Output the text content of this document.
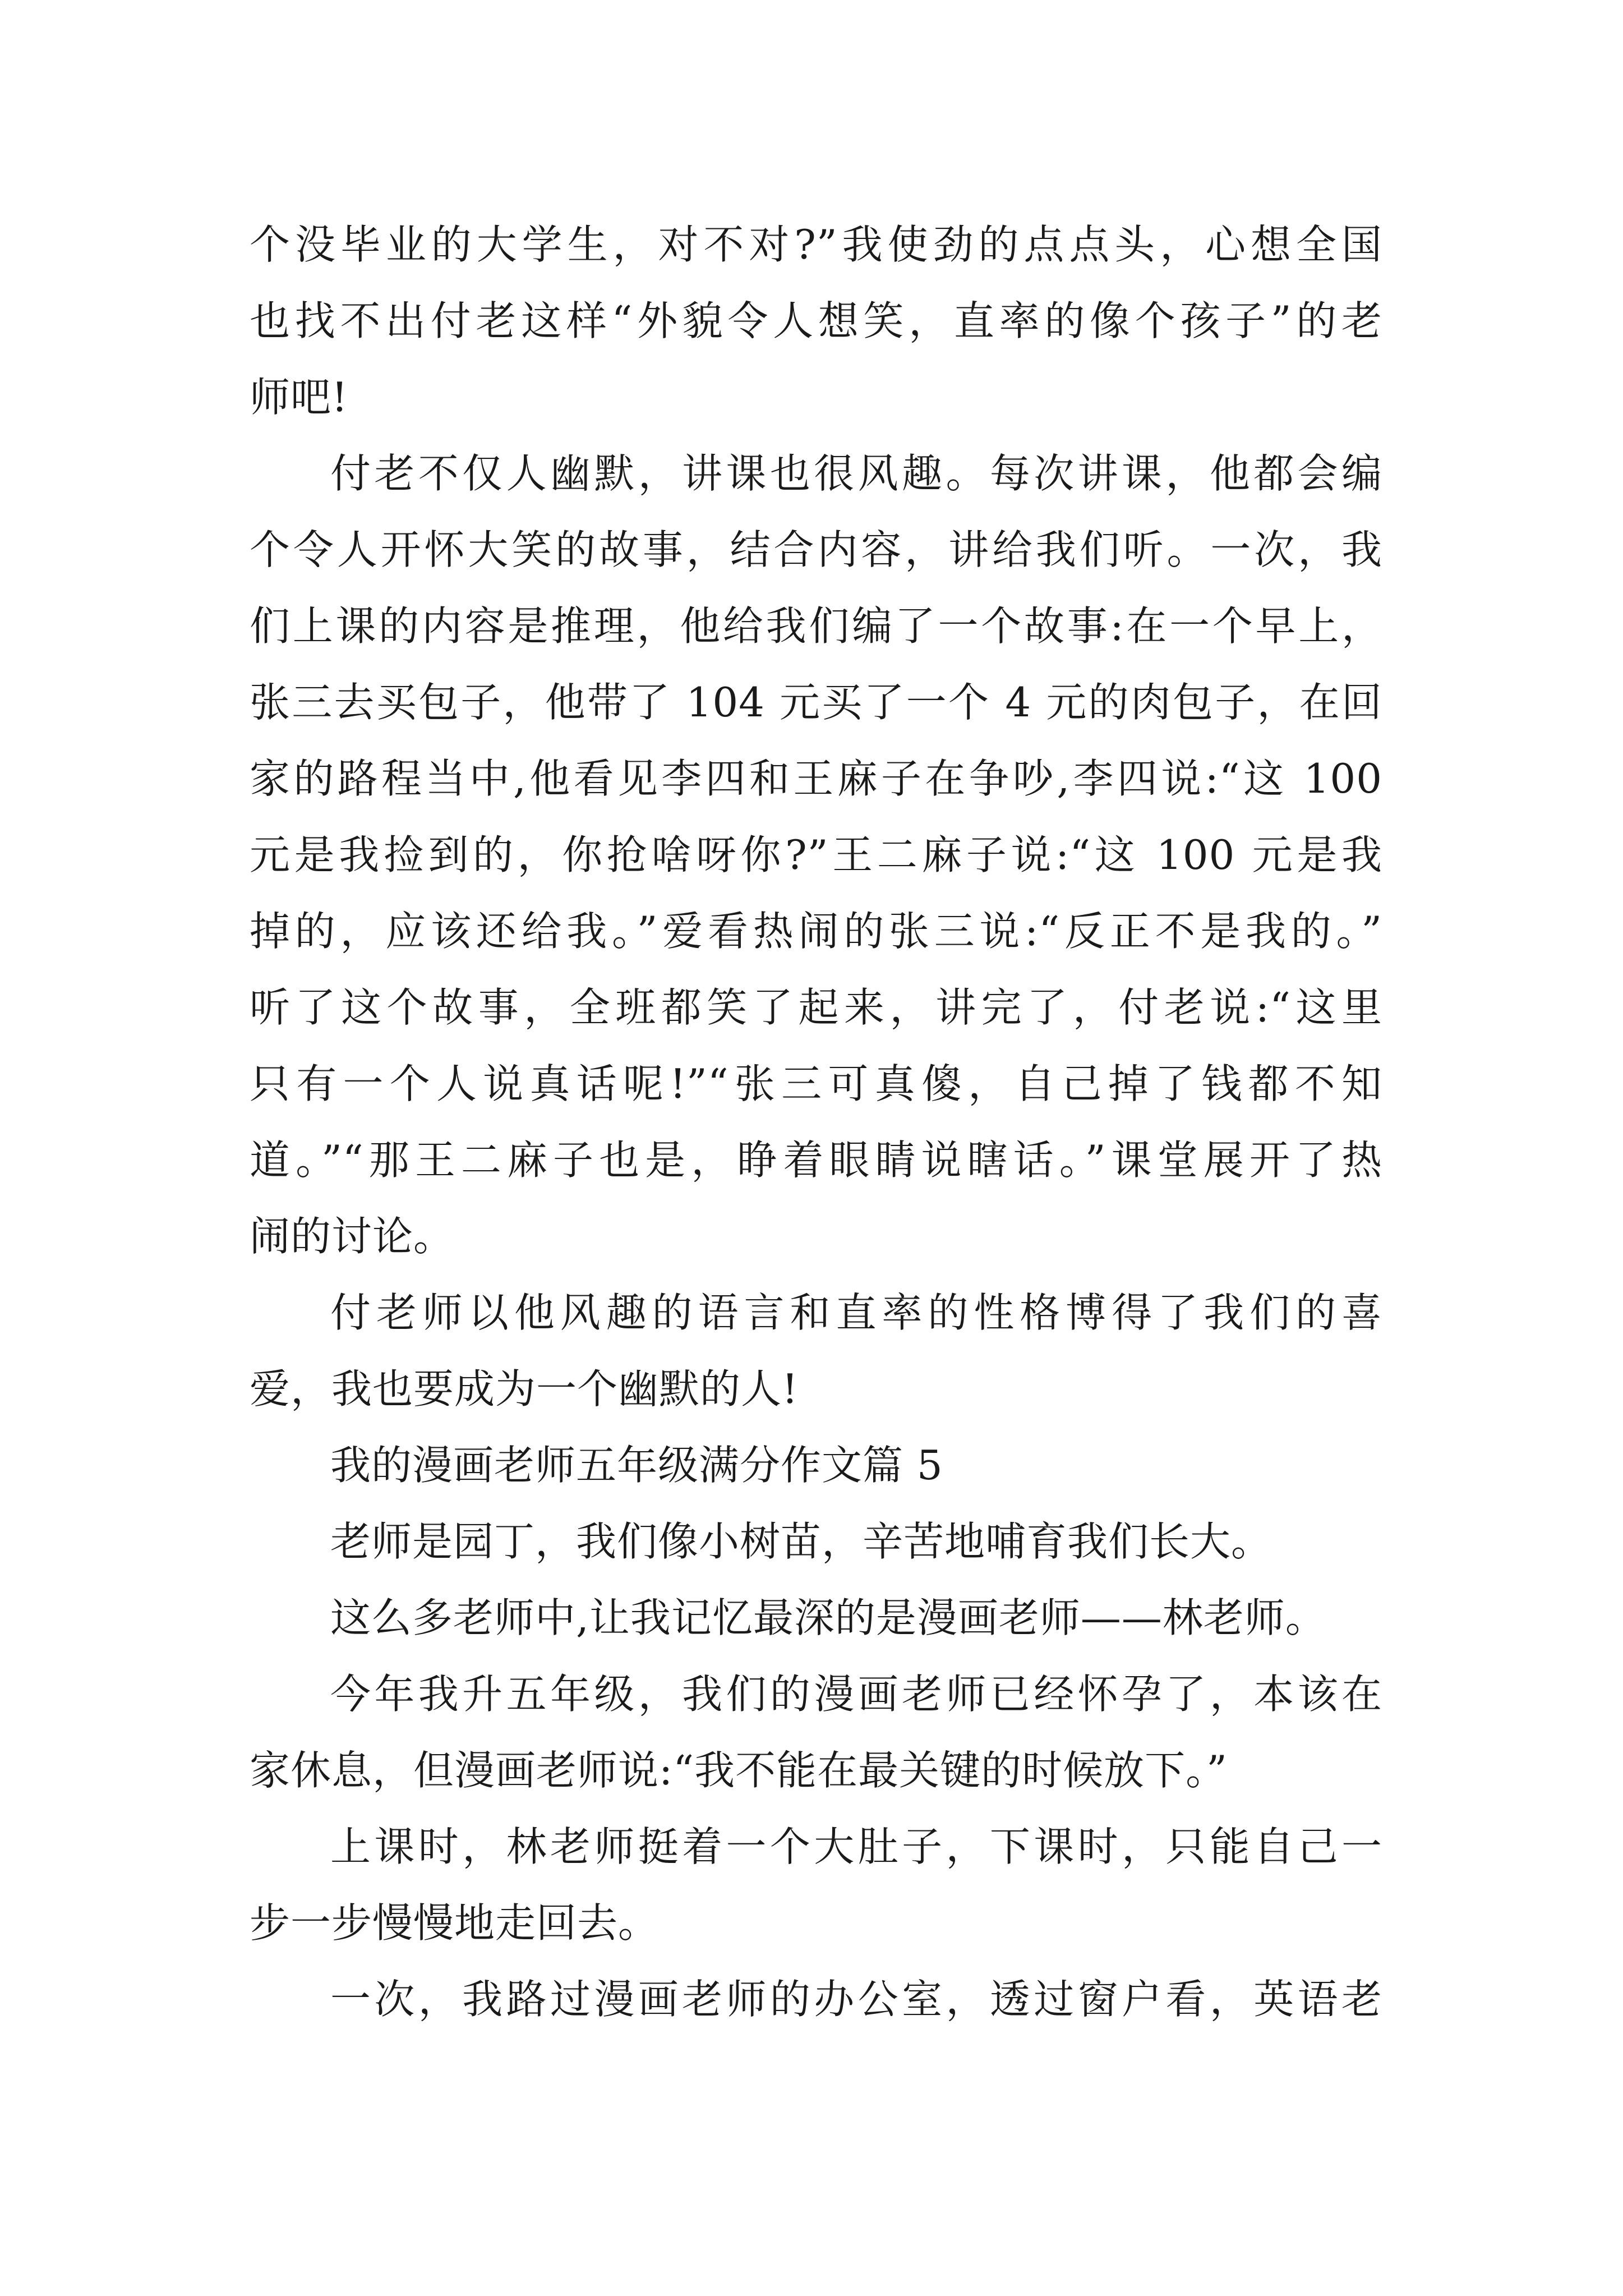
个没毕业的大学生，对不对?”我使劲的点点头，心想全国
也找不出付老这样“外貌令人想笑，直率的像个孩子”的老
师吧!
付老不仅人幽默，讲课也很风趣。每次讲课，他都会编
个令人开怀大笑的故事，结合内容，讲给我们听。一次，我
们上课的内容是推理，他给我们编了一个故事:在一个早上，
张三去买包子，他带了 104 元买了一个 4 元的肉包子，在回
家的路程当中,他看见李四和王麻子在争吵,李四说:“这 100
元是我捡到的，你抢啥呀你?”王二麻子说:“这 100 元是我
掉的，应该还给我。”爱看热闹的张三说:“反正不是我的。”
听了这个故事，全班都笑了起来，讲完了，付老说:“这里
只有一个人说真话呢!”“张三可真傻，自己掉了钱都不知
道。”“那王二麻子也是，睁着眼睛说瞎话。”课堂展开了热
闹的讨论。
付老师以他风趣的语言和直率的性格博得了我们的喜
爱，我也要成为一个幽默的人!
我的漫画老师五年级满分作文篇 5
老师是园丁，我们像小树苗，辛苦地哺育我们长大。
这么多老师中,让我记忆最深的是漫画老师——林老师。
今年我升五年级，我们的漫画老师已经怀孕了，本该在
家休息，但漫画老师说:“我不能在最关键的时候放下。”
上课时，林老师挺着一个大肚子，下课时，只能自己一
步一步慢慢地走回去。
一次，我路过漫画老师的办公室，透过窗户看，英语老
